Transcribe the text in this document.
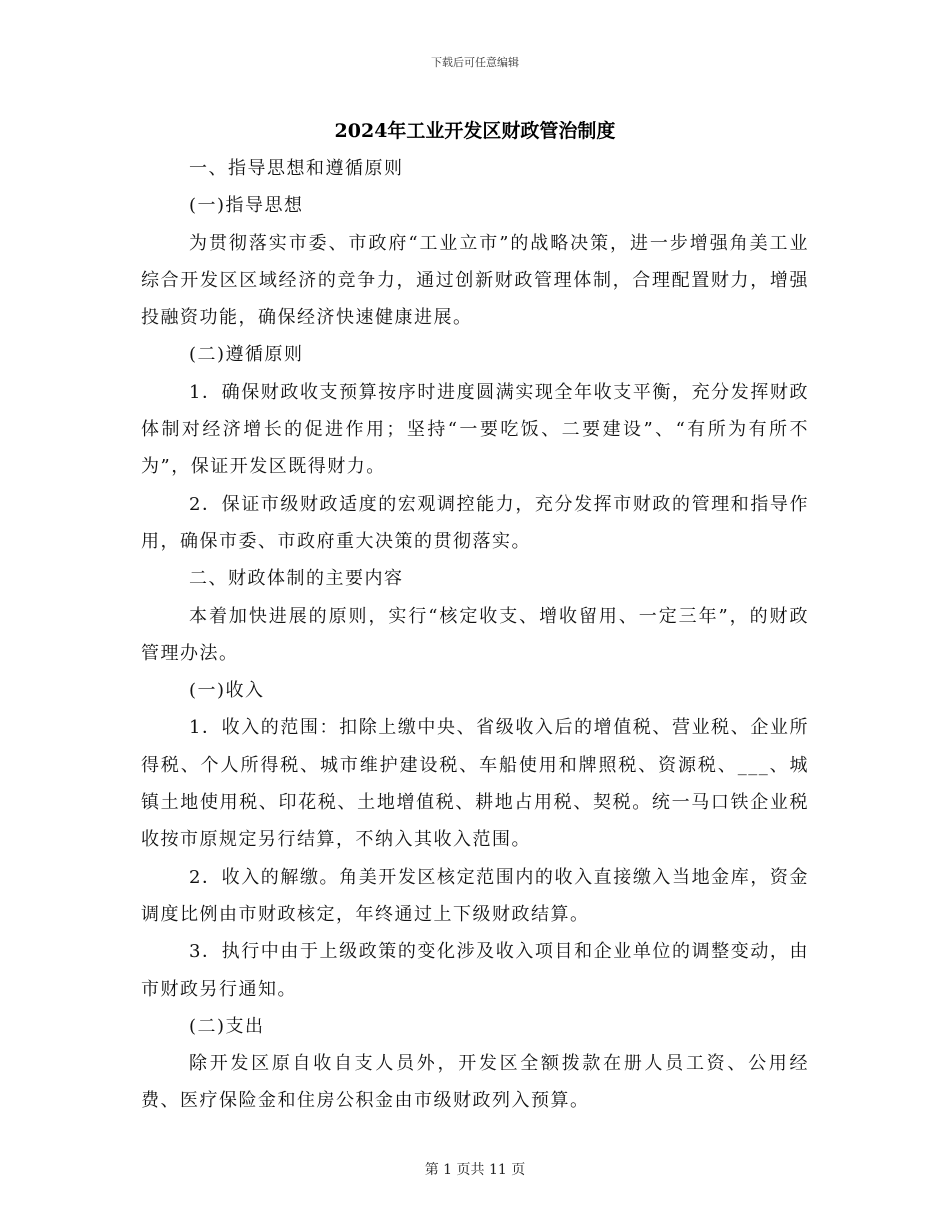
下载后可任意编辑
2024年工业开发区财政管治制度

一、指导思想和遵循原则

(一)指导思想

为贯彻落实市委、市政府“工业立市”的战略决策，进一步增强角美工业综合开发区区域经济的竞争力，通过创新财政管理体制，合理配置财力，增强投融资功能，确保经济快速健康进展。

(二)遵循原则

1．确保财政收支预算按序时进度圆满实现全年收支平衡，充分发挥财政体制对经济增长的促进作用；坚持“一要吃饭、二要建设”、“有所为有所不为”，保证开发区既得财力。

2．保证市级财政适度的宏观调控能力，充分发挥市财政的管理和指导作用，确保市委、市政府重大决策的贯彻落实。

二、财政体制的主要内容

本着加快进展的原则，实行“核定收支、增收留用、一定三年”，的财政管理办法。

(一)收入

1．收入的范围：扣除上缴中央、省级收入后的增值税、营业税、企业所得税、个人所得税、城市维护建设税、车船使用和牌照税、资源税、___、城镇土地使用税、印花税、土地增值税、耕地占用税、契税。统一马口铁企业税收按市原规定另行结算，不纳入其收入范围。

2．收入的解缴。角美开发区核定范围内的收入直接缴入当地金库，资金调度比例由市财政核定，年终通过上下级财政结算。

3．执行中由于上级政策的变化涉及收入项目和企业单位的调整变动，由市财政另行通知。

(二)支出

除开发区原自收自支人员外，开发区全额拨款在册人员工资、公用经费、医疗保险金和住房公积金由市级财政列入预算。

第 1 页共 11 页
